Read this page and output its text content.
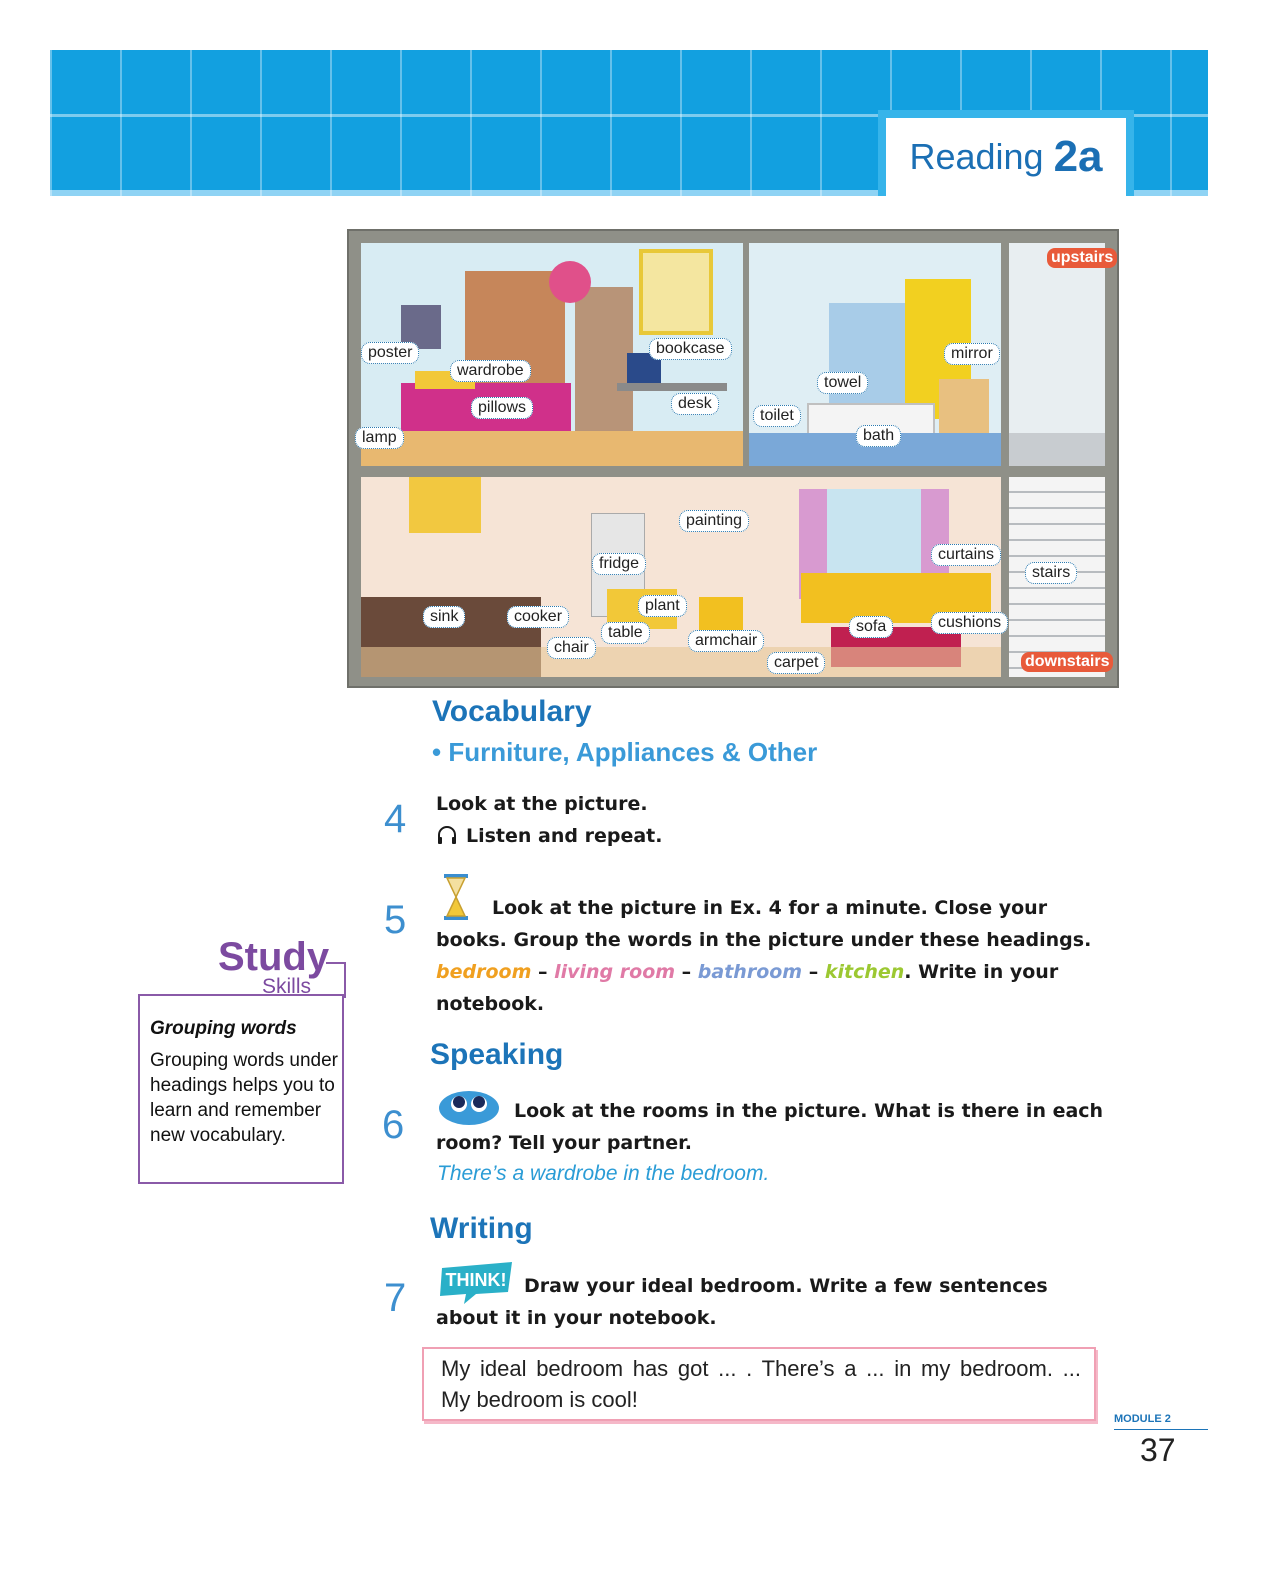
Reading 2a
upstairs
downstairs
poster
wardrobe
pillows
lamp
bookcase
desk
mirror
towel
toilet
bath
painting
fridge
curtains
stairs
plant
sink	cooker
table	armchair
chair
sofa	cushions
carpet
Vocabulary
• Furniture, Appliances & Other
4 Look at the picture.
Listen and repeat.
5	Look at the picture in Ex. 4 for a minute. Close your
books. Group the words in the picture under these headings.
bedroom – living room – bathroom – kitchen. Write in your
notebook.
Study
Skills
Grouping words
Grouping words under headings helps you to learn and remember new vocabulary.
Speaking
6	Look at the rooms in the picture. What is there in each
room? Tell your partner.
There’s a wardrobe in the bedroom.
Writing
7 THINK! Draw your ideal bedroom. Write a few sentences
about it in your notebook.
My ideal bedroom has got ... . There’s a ... in my bedroom. ...
My bedroom is cool!
MODULE 2
37
